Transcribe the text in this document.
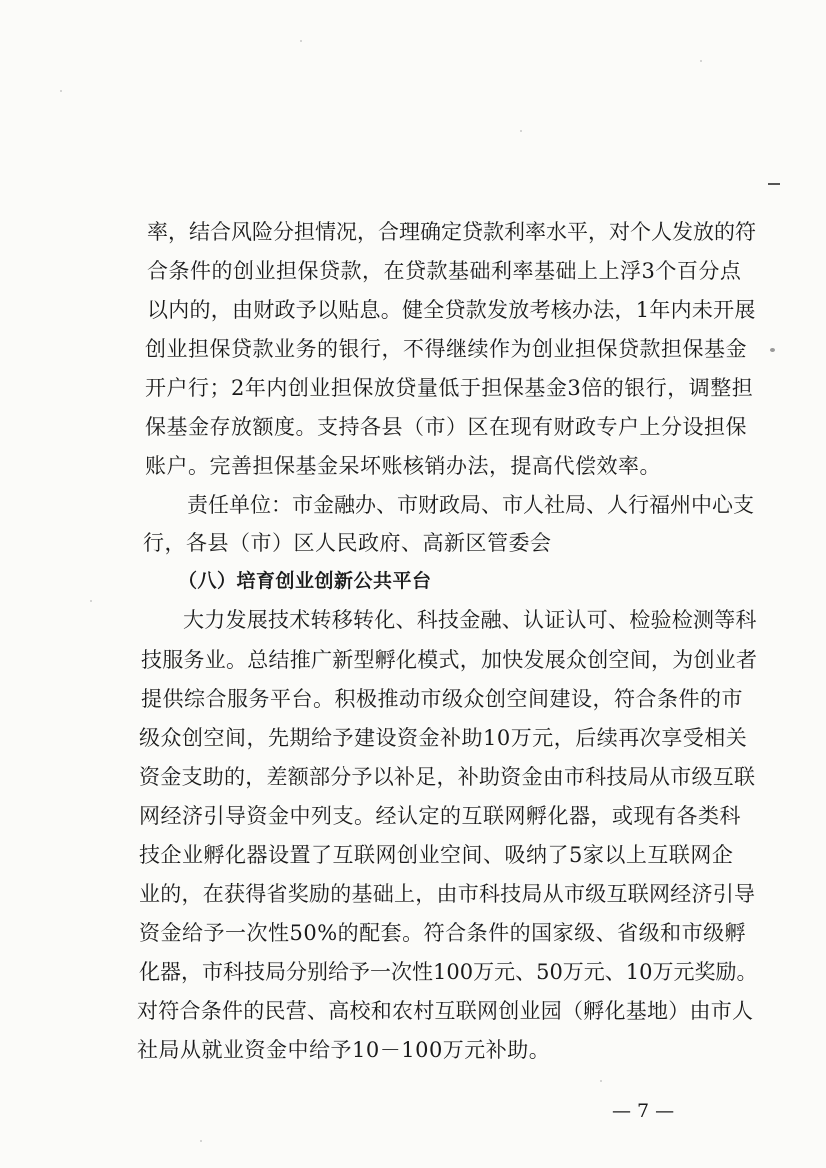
率，结合风险分担情况，合理确定贷款利率水平，对个人发放的符
合条件的创业担保贷款，在贷款基础利率基础上上浮3个百分点
以内的，由财政予以贴息。健全贷款发放考核办法，1年内未开展
创业担保贷款业务的银行，不得继续作为创业担保贷款担保基金
开户行；2年内创业担保放贷量低于担保基金3倍的银行，调整担
保基金存放额度。支持各县（市）区在现有财政专户上分设担保
账户。完善担保基金呆坏账核销办法，提高代偿效率。
责任单位：市金融办、市财政局、市人社局、人行福州中心支
行，各县（市）区人民政府、高新区管委会
（八）培育创业创新公共平台
大力发展技术转移转化、科技金融、认证认可、检验检测等科
技服务业。总结推广新型孵化模式，加快发展众创空间，为创业者
提供综合服务平台。积极推动市级众创空间建设，符合条件的市
级众创空间，先期给予建设资金补助10万元，后续再次享受相关
资金支助的，差额部分予以补足，补助资金由市科技局从市级互联
网经济引导资金中列支。经认定的互联网孵化器，或现有各类科
技企业孵化器设置了互联网创业空间、吸纳了5家以上互联网企
业的，在获得省奖励的基础上，由市科技局从市级互联网经济引导
资金给予一次性50%的配套。符合条件的国家级、省级和市级孵
化器，市科技局分别给予一次性100万元、50万元、10万元奖励。
对符合条件的民营、高校和农村互联网创业园（孵化基地）由市人
社局从就业资金中给予10－100万元补助。
— 7 —
